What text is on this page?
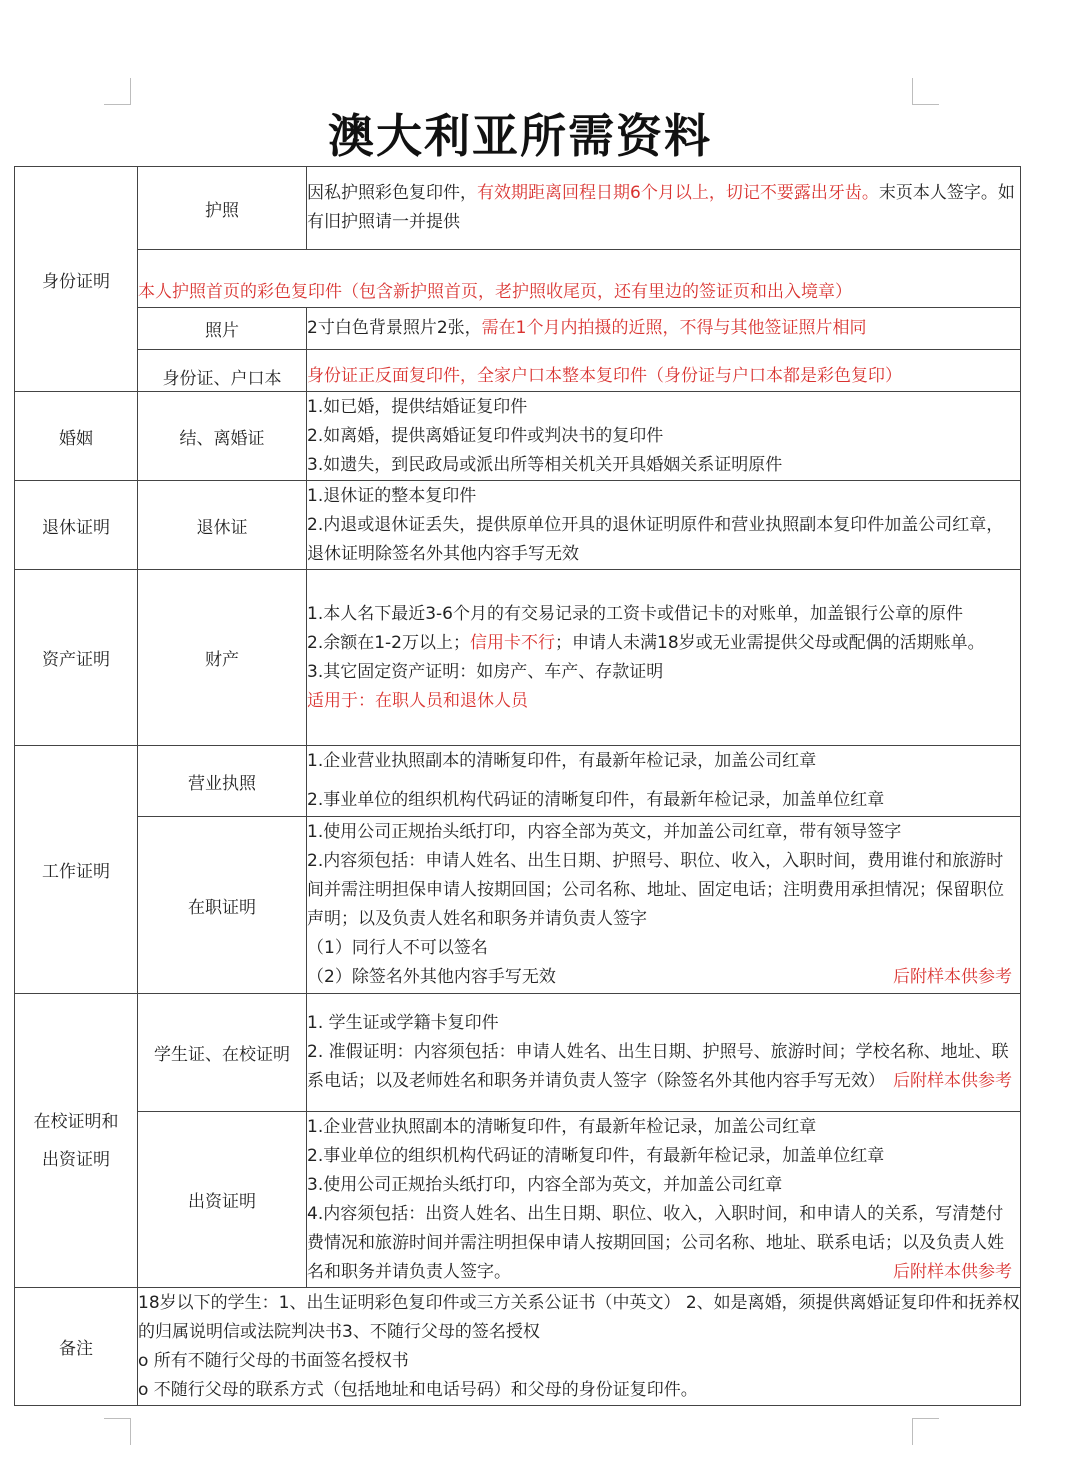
澳大利亚所需资料
身份证明	护照	因私护照彩色复印件，有效期距离回程日期6个月以上，切记不要露出牙齿。末页本人签字。如有旧护照请一并提供
	本人护照首页的彩色复印件（包含新护照首页，老护照收尾页，还有里边的签证页和出入境章）	
	照片	2寸白色背景照片2张，需在1个月内拍摄的近照，不得与其他签证照片相同
	身份证、户口本	身份证正反面复印件，全家户口本整本复印件（身份证与户口本都是彩色复印）
婚姻	结、离婚证	1.如已婚，提供结婚证复印件
2.如离婚，提供离婚证复印件或判决书的复印件
3.如遗失，到民政局或派出所等相关机关开具婚姻关系证明原件

退休证明	退休证	1.退休证的整本复印件
2.内退或退休证丢失，提供原单位开具的退休证明原件和营业执照副本复印件加盖公司红章，退休证明除签名外其他内容手写无效

资产证明	财产	1.本人名下最近3-6个月的有交易记录的工资卡或借记卡的对账单，加盖银行公章的原件
2.余额在1-2万以上；信用卡不行；申请人未满18岁或无业需提供父母或配偶的活期账单。
3.其它固定资产证明：如房产、车产、存款证明
适用于：在职人员和退休人员

工作证明	营业执照	1.企业营业执照副本的清晰复印件，有最新年检记录，加盖公司红章
2.事业单位的组织机构代码证的清晰复印件，有最新年检记录，加盖单位红章

	在职证明	1.使用公司正规抬头纸打印，内容全部为英文，并加盖公司红章，带有领导签字
2.内容须包括：申请人姓名、出生日期、护照号、职位、收入，入职时间，费用谁付和旅游时间并需注明担保申请人按期回国；公司名称、地址、固定电话；注明费用承担情况；保留职位声明；以及负责人姓名和职务并请负责人签字
（1）同行人不可以签名
（2）除签名外其他内容手写无效 后附样本供参考

在校证明和
出资证明	学生证、在校证明	1. 学生证或学籍卡复印件
2. 准假证明：内容须包括：申请人姓名、出生日期、护照号、旅游时间；学校名称、地址、联系电话；以及老师姓名和职务并请负责人签字（除签名外其他内容手写无效） 后附样本供参考

	出资证明	1.企业营业执照副本的清晰复印件，有最新年检记录，加盖公司红章
2.事业单位的组织机构代码证的清晰复印件，有最新年检记录，加盖单位红章
3.使用公司正规抬头纸打印，内容全部为英文，并加盖公司红章
4.内容须包括：出资人姓名、出生日期、职位、收入，入职时间，和申请人的关系，写清楚付费情况和旅游时间并需注明担保申请人按期回国；公司名称、地址、联系电话；以及负责人姓名和职务并请负责人签字。 后附样本供参考

备注	18岁以下的学生：1、出生证明彩色复印件或三方关系公证书（中英文） 2、如是离婚，须提供离婚证复印件和抚养权的归属说明信或法院判决书3、不随行父母的签名授权
o 所有不随行父母的书面签名授权书
o 不随行父母的联系方式（包括地址和电话号码）和父母的身份证复印件。	
